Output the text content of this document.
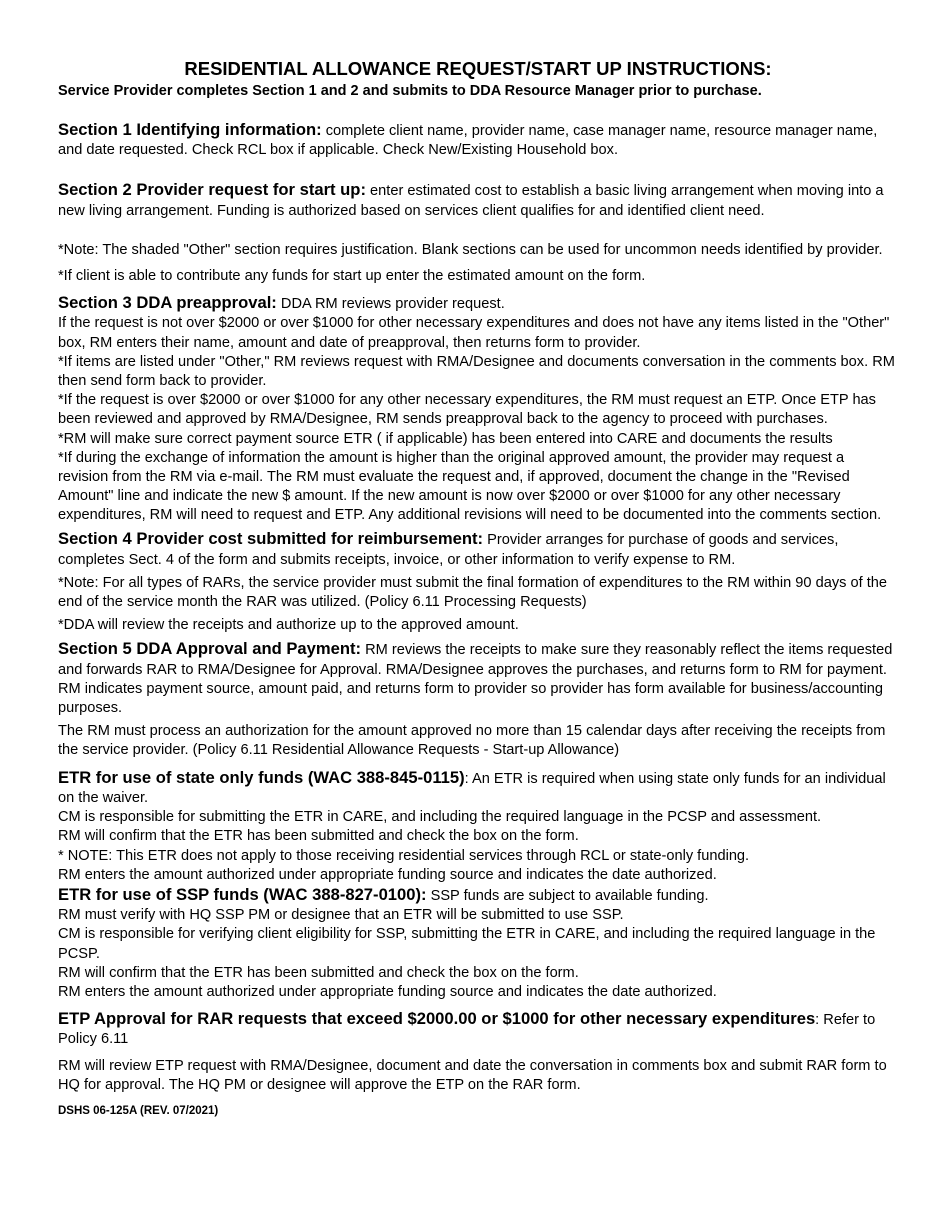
RESIDENTIAL ALLOWANCE REQUEST/START UP INSTRUCTIONS:

Service Provider completes Section 1 and 2 and submits to DDA Resource Manager prior to purchase.

Section 1 Identifying information: complete client name, provider name, case manager name, resource manager name, and date requested. Check RCL box if applicable. Check New/Existing Household box.

Section 2 Provider request for start up: enter estimated cost to establish a basic living arrangement when moving into a new living arrangement. Funding is authorized based on services client qualifies for and identified client need.

*Note: The shaded "Other" section requires justification. Blank sections can be used for uncommon needs identified by provider.

*If client is able to contribute any funds for start up enter the estimated amount on the form.

Section 3 DDA preapproval: DDA RM reviews provider request.

If the request is not over $2000 or over $1000 for other necessary expenditures and does not have any items listed in the "Other" box, RM enters their name, amount and date of preapproval, then returns form to provider.

*If items are listed under "Other," RM reviews request with RMA/Designee and documents conversation in the comments box. RM then send form back to provider.

*If the request is over $2000 or over $1000 for any other necessary expenditures, the RM must request an ETP. Once ETP has been reviewed and approved by RMA/Designee, RM sends preapproval back to the agency to proceed with purchases.

*RM will make sure correct payment source ETR ( if applicable) has been entered into CARE and documents the results

*If during the exchange of information the amount is higher than the original approved amount, the provider may request a revision from the RM via e-mail. The RM must evaluate the request and, if approved, document the change in the "Revised Amount" line and indicate the new $ amount. If the new amount is now over $2000 or over $1000 for any other necessary expenditures, RM will need to request and ETP. Any additional revisions will need to be documented into the comments section.

Section 4 Provider cost submitted for reimbursement: Provider arranges for purchase of goods and services, completes Sect. 4 of the form and submits receipts, invoice, or other information to verify expense to RM.

*Note: For all types of RARs, the service provider must submit the final formation of expenditures to the RM within 90 days of the end of the service month the RAR was utilized. (Policy 6.11 Processing Requests)

*DDA will review the receipts and authorize up to the approved amount.

Section 5 DDA Approval and Payment: RM reviews the receipts to make sure they reasonably reflect the items requested and forwards RAR to RMA/Designee for Approval. RMA/Designee approves the purchases, and returns form to RM for payment. RM indicates payment source, amount paid, and returns form to provider so provider has form available for business/accounting purposes.

The RM must process an authorization for the amount approved no more than 15 calendar days after receiving the receipts from the service provider. (Policy 6.11 Residential Allowance Requests - Start-up Allowance)

ETR for use of state only funds (WAC 388-845-0115): An ETR is required when using state only funds for an individual on the waiver.

CM is responsible for submitting the ETR in CARE, and including the required language in the PCSP and assessment.

RM will confirm that the ETR has been submitted and check the box on the form.

* NOTE: This ETR does not apply to those receiving residential services through RCL or state-only funding.

RM enters the amount authorized under appropriate funding source and indicates the date authorized.

ETR for use of SSP funds (WAC 388-827-0100): SSP funds are subject to available funding.

RM must verify with HQ SSP PM or designee that an ETR will be submitted to use SSP.

CM is responsible for verifying client eligibility for SSP, submitting the ETR in CARE, and including the required language in the PCSP.

RM will confirm that the ETR has been submitted and check the box on the form.

RM enters the amount authorized under appropriate funding source and indicates the date authorized.

ETP Approval for RAR requests that exceed $2000.00 or $1000 for other necessary expenditures: Refer to Policy 6.11

RM will review ETP request with RMA/Designee, document and date the conversation in comments box and submit RAR form to HQ for approval. The HQ PM or designee will approve the ETP on the RAR form.

DSHS 06-125A (REV. 07/2021)
